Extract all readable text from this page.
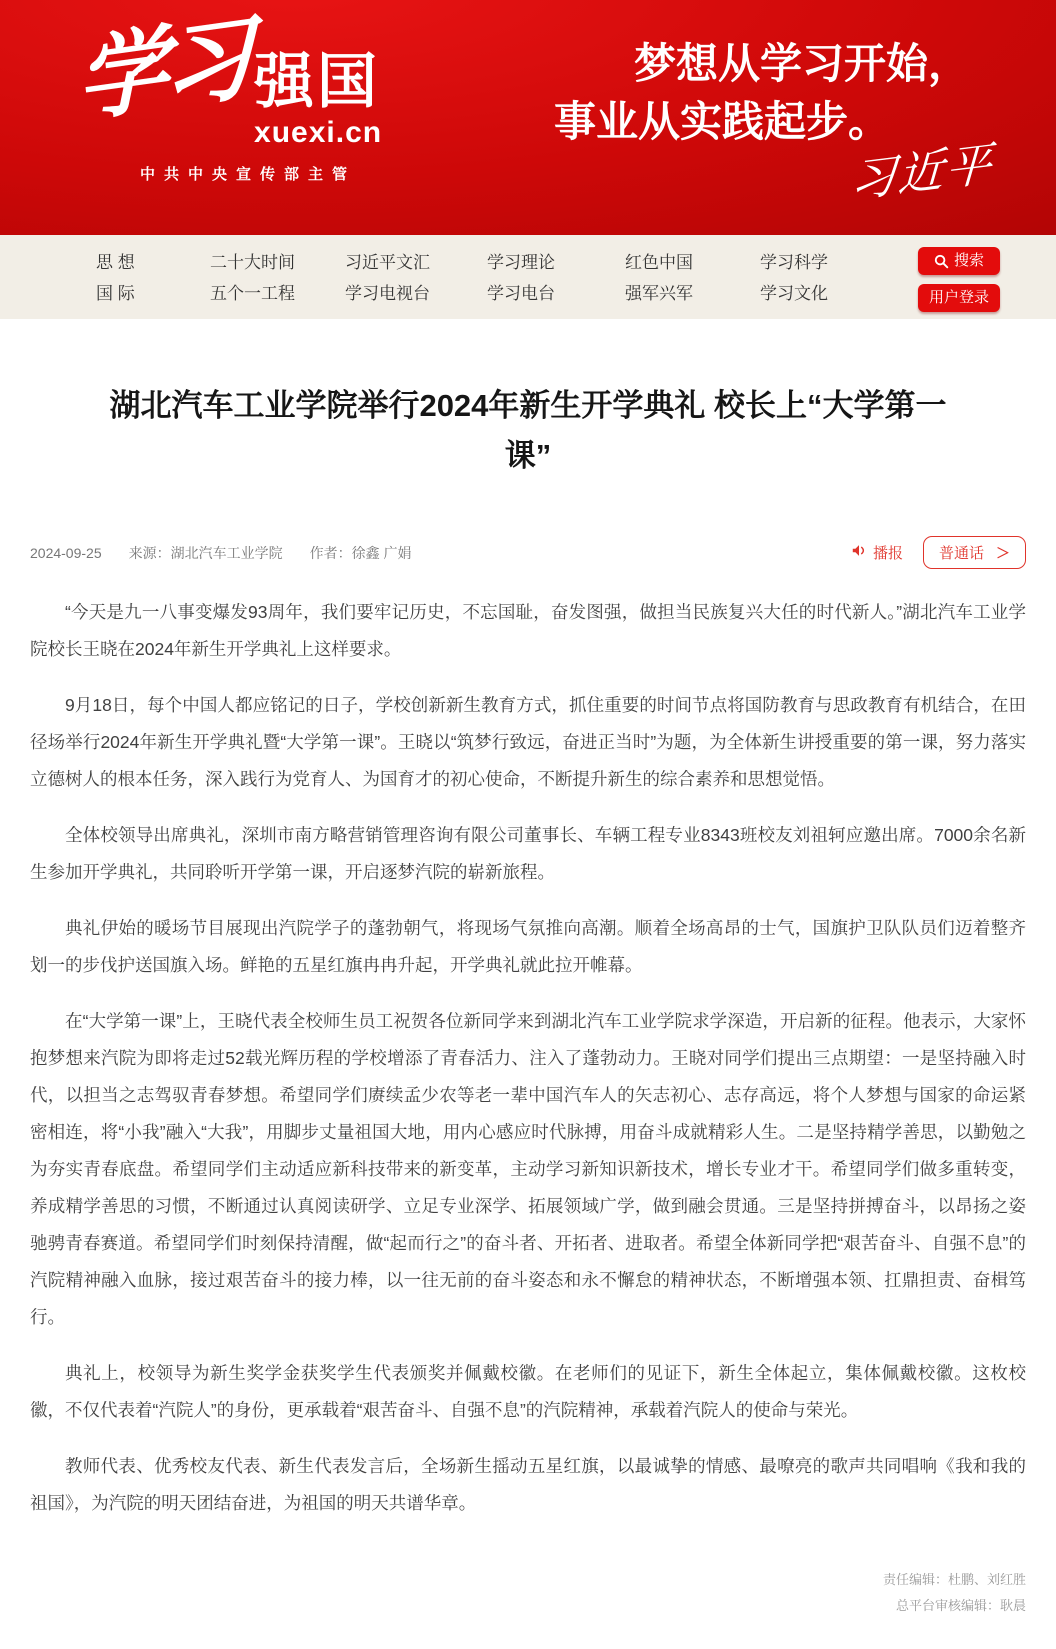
学习 强国
xuexi.cn
中共中央宣传部主管
梦想从学习开始，
事业从实践起步。
习近平
思 想	二十大时间	习近平文汇	学习理论	红色中国	学习科学
国 际	五个一工程	学习电视台	学习电台	强军兴军	学习文化
搜索
用户登录
湖北汽车工业学院举行2024年新生开学典礼 校长上“大学第一课”
2024-09-25 来源：湖北汽车工业学院 作者：徐鑫 广娟	播报 普通话 ＞

“今天是九一八事变爆发93周年，我们要牢记历史，不忘国耻，奋发图强，做担当民族复兴大任的时代新人。”湖北汽车工业学院校长王晓在2024年新生开学典礼上这样要求。

9月18日，每个中国人都应铭记的日子，学校创新新生教育方式，抓住重要的时间节点将国防教育与思政教育有机结合，在田径场举行2024年新生开学典礼暨“大学第一课”。王晓以“筑梦行致远，奋进正当时”为题，为全体新生讲授重要的第一课，努力落实立德树人的根本任务，深入践行为党育人、为国育才的初心使命，不断提升新生的综合素养和思想觉悟。

全体校领导出席典礼，深圳市南方略营销管理咨询有限公司董事长、车辆工程专业8343班校友刘祖轲应邀出席。7000余名新生参加开学典礼，共同聆听开学第一课，开启逐梦汽院的崭新旅程。

典礼伊始的暖场节目展现出汽院学子的蓬勃朝气，将现场气氛推向高潮。顺着全场高昂的士气，国旗护卫队队员们迈着整齐划一的步伐护送国旗入场。鲜艳的五星红旗冉冉升起，开学典礼就此拉开帷幕。

在“大学第一课”上，王晓代表全校师生员工祝贺各位新同学来到湖北汽车工业学院求学深造，开启新的征程。他表示，大家怀抱梦想来汽院为即将走过52载光辉历程的学校增添了青春活力、注入了蓬勃动力。王晓对同学们提出三点期望：一是坚持融入时代，以担当之志驾驭青春梦想。希望同学们赓续孟少农等老一辈中国汽车人的矢志初心、志存高远，将个人梦想与国家的命运紧密相连，将“小我”融入“大我”，用脚步丈量祖国大地，用内心感应时代脉搏，用奋斗成就精彩人生。二是坚持精学善思，以勤勉之为夯实青春底盘。希望同学们主动适应新科技带来的新变革，主动学习新知识新技术，增长专业才干。希望同学们做多重转变，养成精学善思的习惯，不断通过认真阅读研学、立足专业深学、拓展领域广学，做到融会贯通。三是坚持拼搏奋斗，以昂扬之姿驰骋青春赛道。希望同学们时刻保持清醒，做“起而行之”的奋斗者、开拓者、进取者。希望全体新同学把“艰苦奋斗、自强不息”的汽院精神融入血脉，接过艰苦奋斗的接力棒，以一往无前的奋斗姿态和永不懈怠的精神状态，不断增强本领、扛鼎担责、奋楫笃行。

典礼上，校领导为新生奖学金获奖学生代表颁奖并佩戴校徽。在老师们的见证下，新生全体起立，集体佩戴校徽。这枚校徽，不仅代表着“汽院人”的身份，更承载着“艰苦奋斗、自强不息”的汽院精神，承载着汽院人的使命与荣光。

教师代表、优秀校友代表、新生代表发言后，全场新生摇动五星红旗，以最诚挚的情感、最嘹亮的歌声共同唱响《我和我的祖国》，为汽院的明天团结奋进，为祖国的明天共谱华章。

责任编辑：杜鹏、刘红胜
总平台审核编辑：耿晨
